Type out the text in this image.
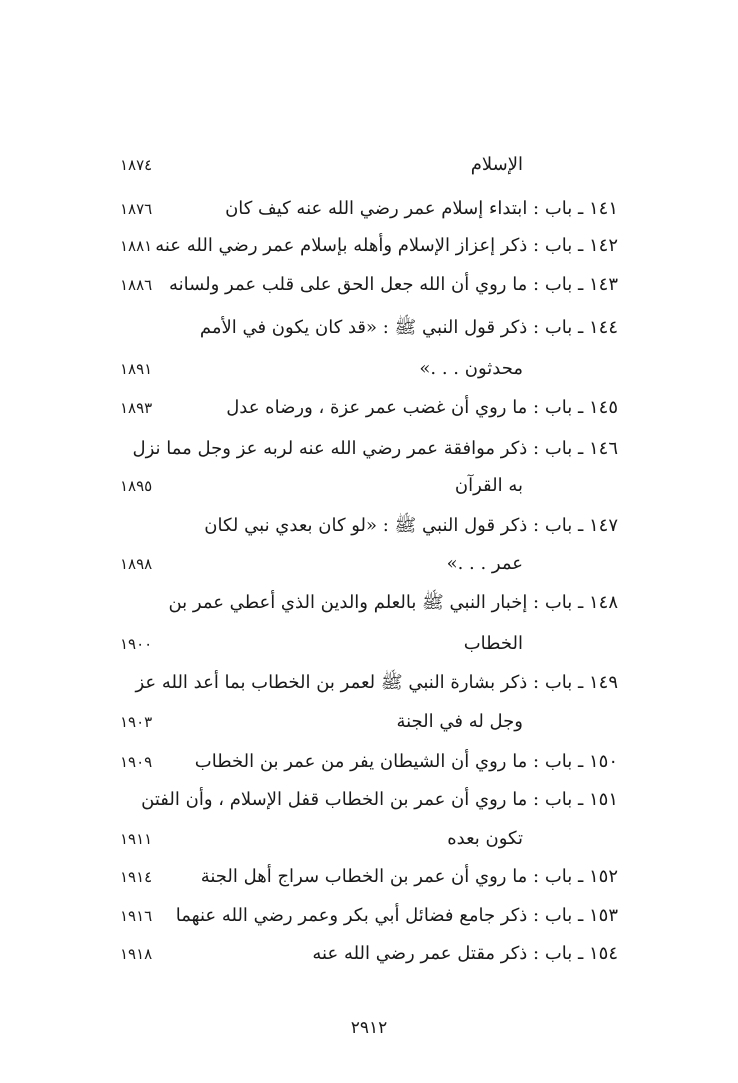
الإسلام
١٨٧٤
١٤١ ـ باب : ابتداء إسلام عمر رضي الله عنه كيف كان
١٨٧٦
١٤٢ ـ باب : ذكر إعزاز الإسلام وأهله بإسلام عمر رضي الله عنه
١٨٨١
١٤٣ ـ باب : ما روي أن الله جعل الحق على قلب عمر ولسانه
١٨٨٦
١٤٤ ـ باب : ذكر قول النبي ﷺ : «قد كان يكون في الأمم
محدثون . . .»
١٨٩١
١٤٥ ـ باب : ما روي أن غضب عمر عزة ، ورضاه عدل
١٨٩٣
١٤٦ ـ باب : ذكر موافقة عمر رضي الله عنه لربه عز وجل مما نزل
به القرآن
١٨٩٥
١٤٧ ـ باب : ذكر قول النبي ﷺ : «لو كان بعدي نبي لكان
عمر . . .»
١٨٩٨
١٤٨ ـ باب : إخبار النبي ﷺ بالعلم والدين الذي أعطي عمر بن
الخطاب
١٩٠٠
١٤٩ ـ باب : ذكر بشارة النبي ﷺ لعمر بن الخطاب بما أعد الله عز
وجل له في الجنة
١٩٠٣
١٥٠ ـ باب : ما روي أن الشيطان يفر من عمر بن الخطاب
١٩٠٩
١٥١ ـ باب : ما روي أن عمر بن الخطاب قفل الإسلام ، وأن الفتن
تكون بعده
١٩١١
١٥٢ ـ باب : ما روي أن عمر بن الخطاب سراج أهل الجنة
١٩١٤
١٥٣ ـ باب : ذكر جامع فضائل أبي بكر وعمر رضي الله عنهما
١٩١٦
١٥٤ ـ باب : ذكر مقتل عمر رضي الله عنه
١٩١٨
٢٩١٢
